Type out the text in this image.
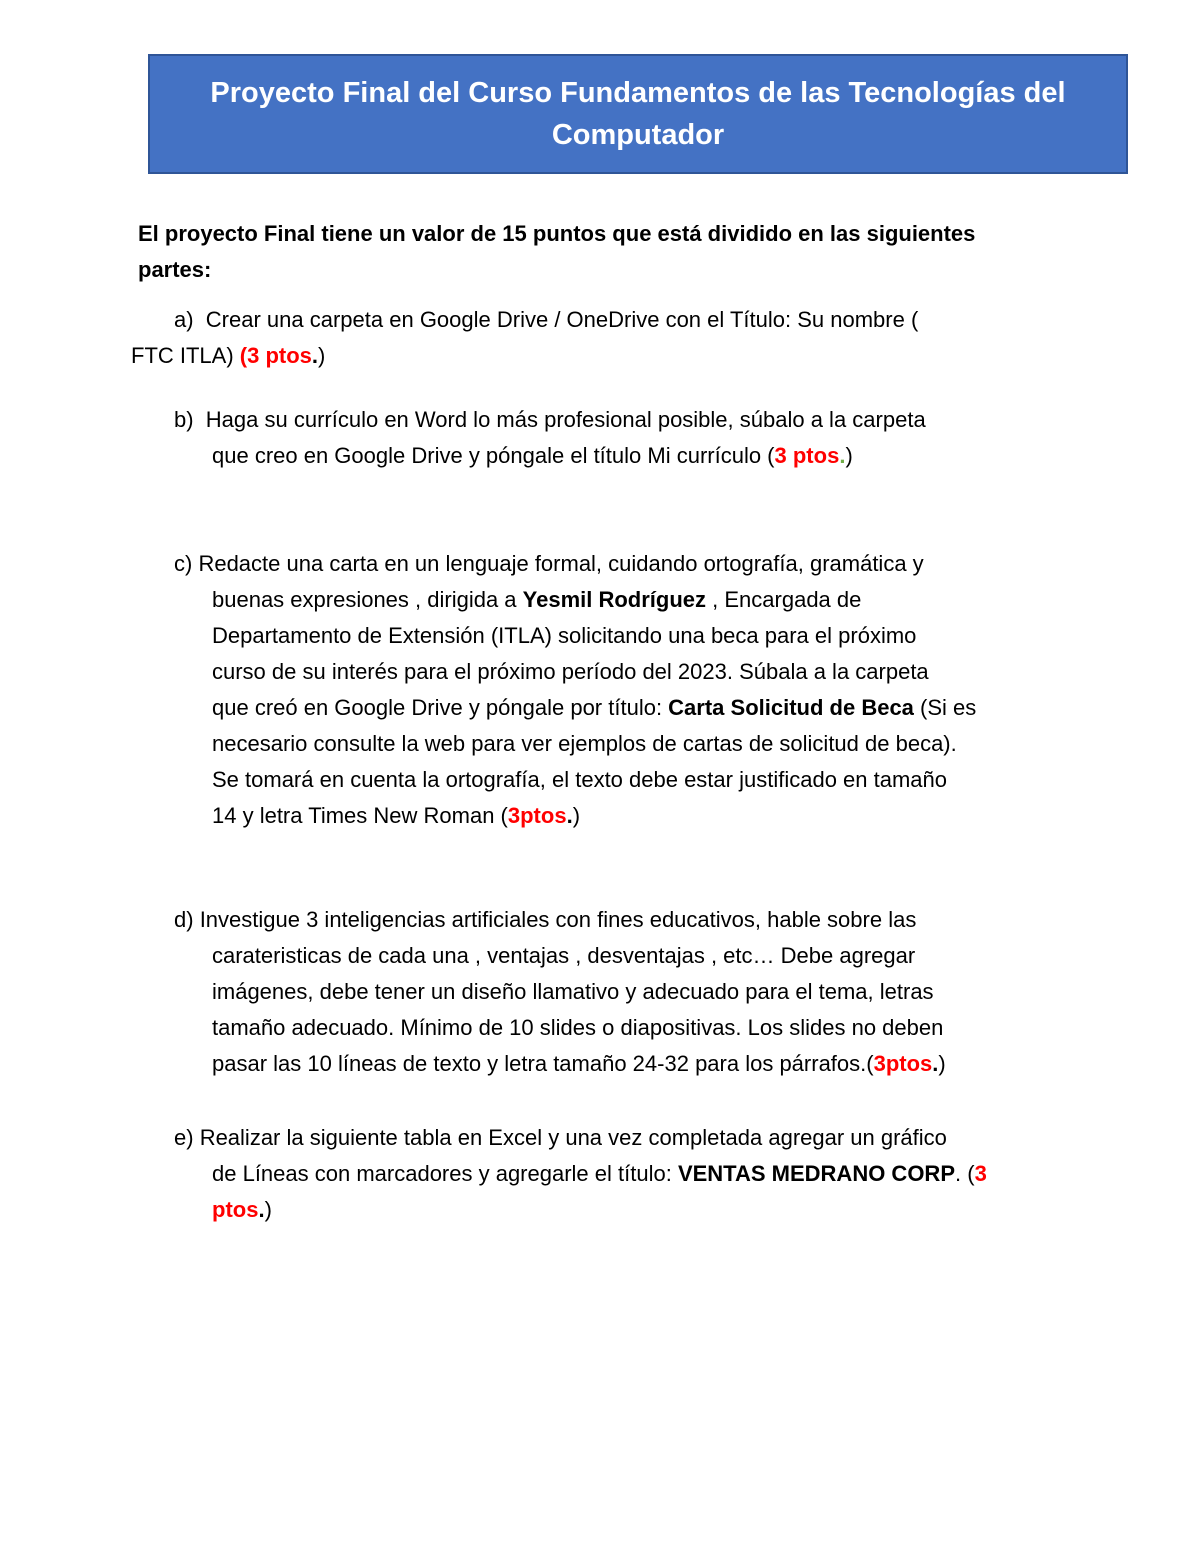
Proyecto Final del Curso Fundamentos de las Tecnologías del
Computador
El proyecto Final tiene un valor de 15 puntos que está dividido en las siguientes
partes:
a) Crear una carpeta en Google Drive / OneDrive con el Título: Su nombre (
FTC ITLA) (3 ptos.)
b) Haga su currículo en Word lo más profesional posible, súbalo a la carpeta
que creo en Google Drive y póngale el título Mi currículo (3 ptos.)
c) Redacte una carta en un lenguaje formal, cuidando ortografía, gramática y
buenas expresiones , dirigida a Yesmil Rodríguez , Encargada de
Departamento de Extensión (ITLA) solicitando una beca para el próximo
curso de su interés para el próximo período del 2023. Súbala a la carpeta
que creó en Google Drive y póngale por título: Carta Solicitud de Beca (Si es
necesario consulte la web para ver ejemplos de cartas de solicitud de beca).
Se tomará en cuenta la ortografía, el texto debe estar justificado en tamaño
14 y letra Times New Roman (3ptos.)
d) Investigue 3 inteligencias artificiales con fines educativos, hable sobre las
carateristicas de cada una , ventajas , desventajas , etc… Debe agregar
imágenes, debe tener un diseño llamativo y adecuado para el tema, letras
tamaño adecuado. Mínimo de 10 slides o diapositivas. Los slides no deben
pasar las 10 líneas de texto y letra tamaño 24-32 para los párrafos.(3ptos.)
e) Realizar la siguiente tabla en Excel y una vez completada agregar un gráfico
de Líneas con marcadores y agregarle el título: VENTAS MEDRANO CORP. (3
ptos.)
